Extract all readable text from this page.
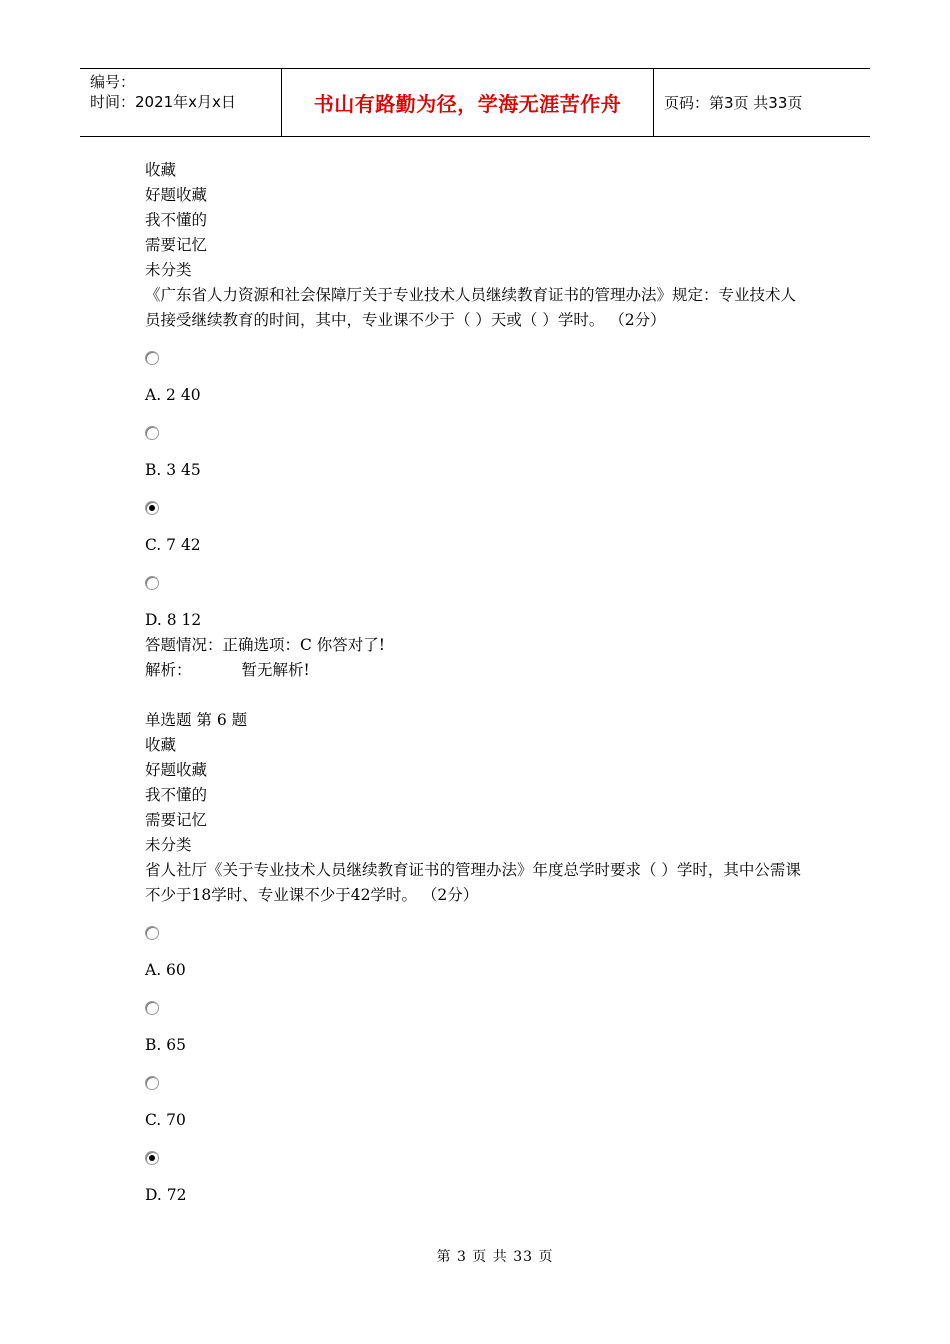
编号：
时间：2021年x月x日	书山有路勤为径，学海无涯苦作舟	页码：第3页 共33页
收藏
好题收藏
我不懂的
需要记忆
未分类
《广东省人力资源和社会保障厅关于专业技术人员继续教育证书的管理办法》规定：专业技术人员接受继续教育的时间，其中，专业课不少于（ ）天或（ ）学时。 （2分）
A. 2 40
B. 3 45
C. 7 42
D. 8 12
答题情况：正确选项：C 你答对了!
解析：	暂无解析!
单选题 第 6 题
收藏
好题收藏
我不懂的
需要记忆
未分类
省人社厅《关于专业技术人员继续教育证书的管理办法》年度总学时要求（ ）学时，其中公需课不少于18学时、专业课不少于42学时。 （2分）
A. 60
B. 65
C. 70
D. 72
第 3 页 共 33 页
